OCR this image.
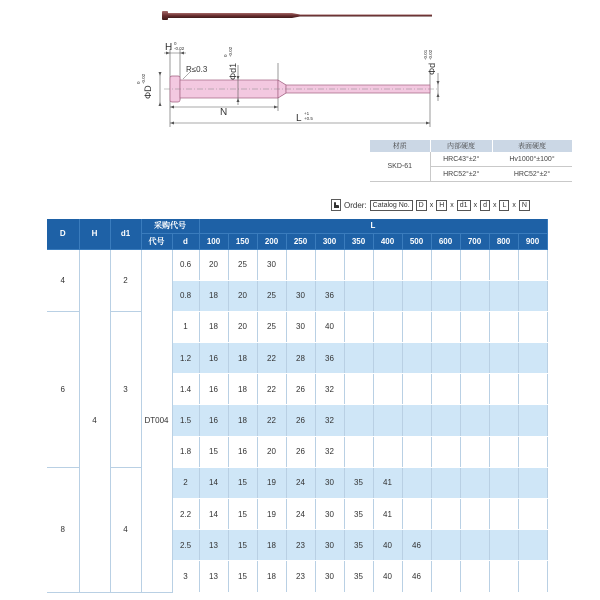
H 0
-0.02
R≤0.3 Φd1
0 -0.02
ΦD
0 -0.02
Φd
-0.01 -0.02
N
L +1
+0.5
材质	内部硬度	表面硬度
SKD-61	HRC43°±2°	Hv1000°±100°
	HRC52°±2°	HRC52°±2°
Order: Catalog No.	D x H x d1 x d x L x N
D	H	d1	采购代号		L											
			代号	d	100	150	200	250	300	350	400	500	600	700	800	900
4	4	2	DT004	0.6	20	25	30									
				0.8	18	20	25	30	36							
6		3		1	18	20	25	30	40							
				1.2	16	18	22	28	36							
				1.4	16	18	22	26	32							
				1.5	16	18	22	26	32							
				1.8	15	16	20	26	32							
8		4		2	14	15	19	24	30	35	41					
				2.2	14	15	19	24	30	35	41					
				2.5	13	15	18	23	30	35	40	46				
				3	13	15	18	23	30	35	40	46				
